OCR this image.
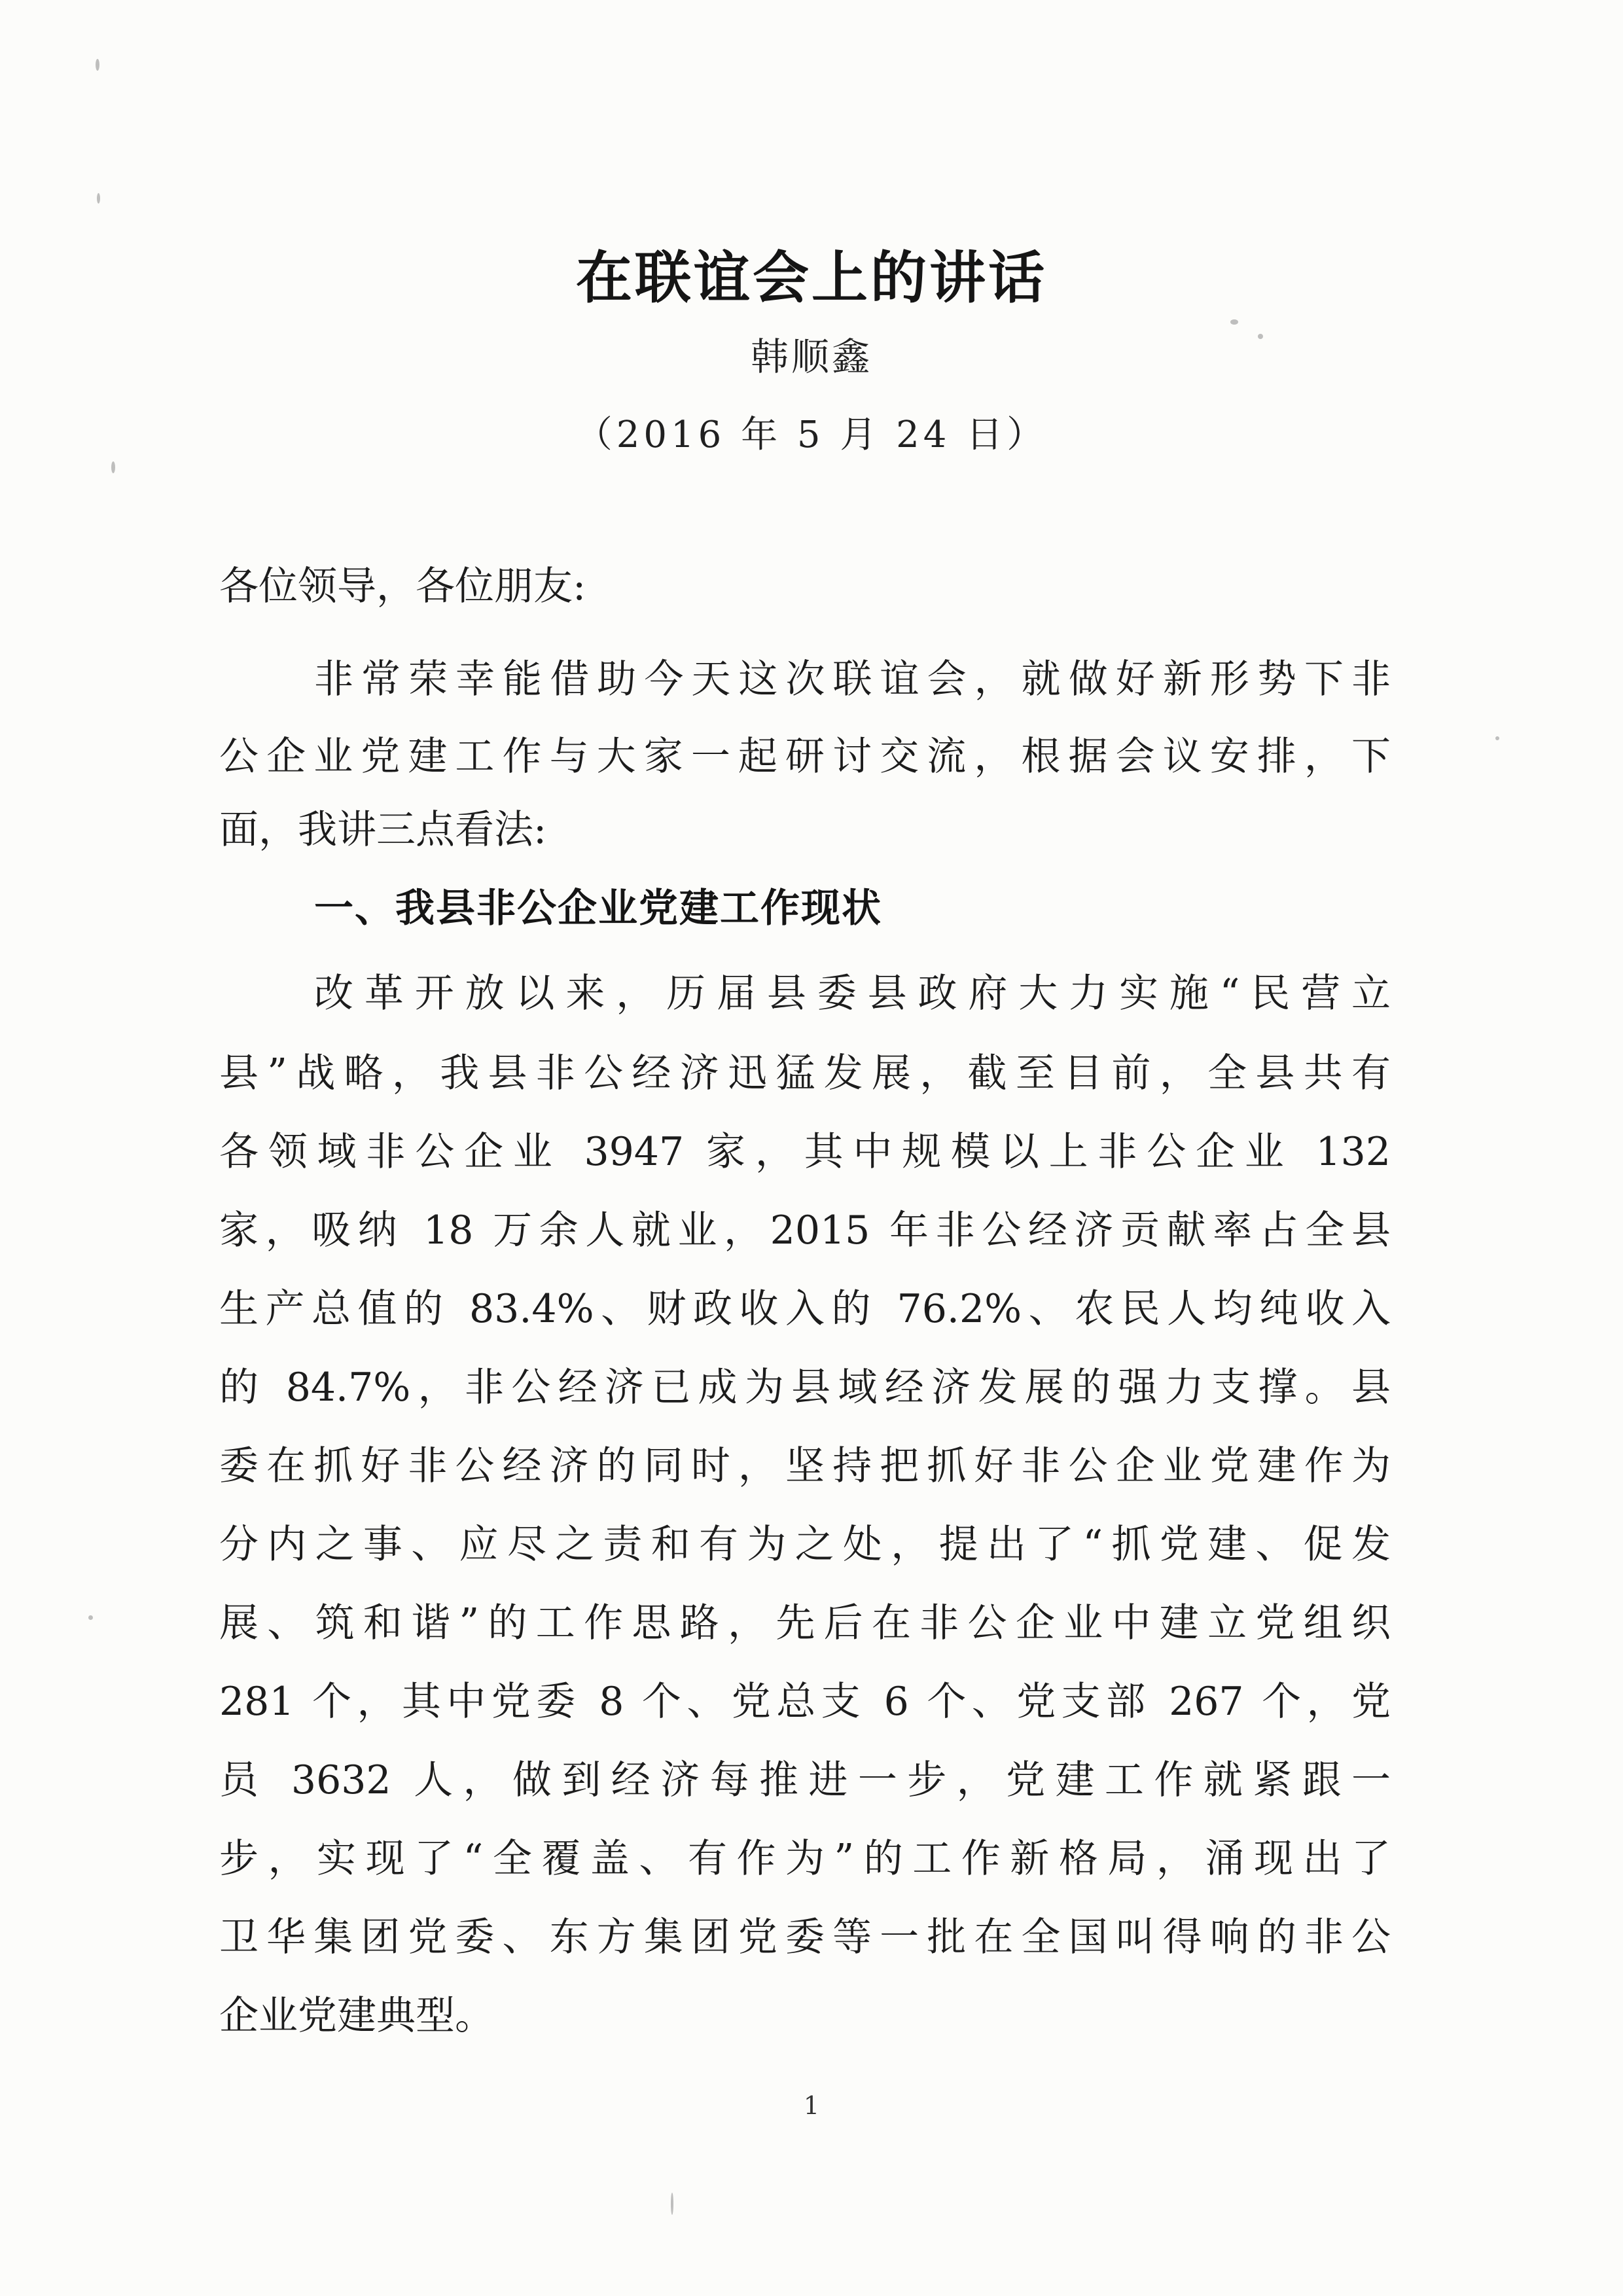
在联谊会上的讲话
韩顺鑫
（2016 年 5 月 24 日）
各位领导，各位朋友:
非常荣幸能借助今天这次联谊会，就做好新形势下非
公企业党建工作与大家一起研讨交流，根据会议安排，下
面，我讲三点看法:
一、我县非公企业党建工作现状
改革开放以来，历届县委县政府大力实施“民营立
县”战略，我县非公经济迅猛发展，截至目前，全县共有
各领域非公企业 3947 家，其中规模以上非公企业 132
家，吸纳 18 万余人就业，2015 年非公经济贡献率占全县
生产总值的 83.4%、财政收入的 76.2%、农民人均纯收入
的 84.7%，非公经济已成为县域经济发展的强力支撑。县
委在抓好非公经济的同时，坚持把抓好非公企业党建作为
分内之事、应尽之责和有为之处，提出了“抓党建、促发
展、筑和谐”的工作思路，先后在非公企业中建立党组织
281 个，其中党委 8 个、党总支 6 个、党支部 267 个，党
员 3632 人，做到经济每推进一步，党建工作就紧跟一
步，实现了“全覆盖、有作为”的工作新格局，涌现出了
卫华集团党委、东方集团党委等一批在全国叫得响的非公
企业党建典型。
1
